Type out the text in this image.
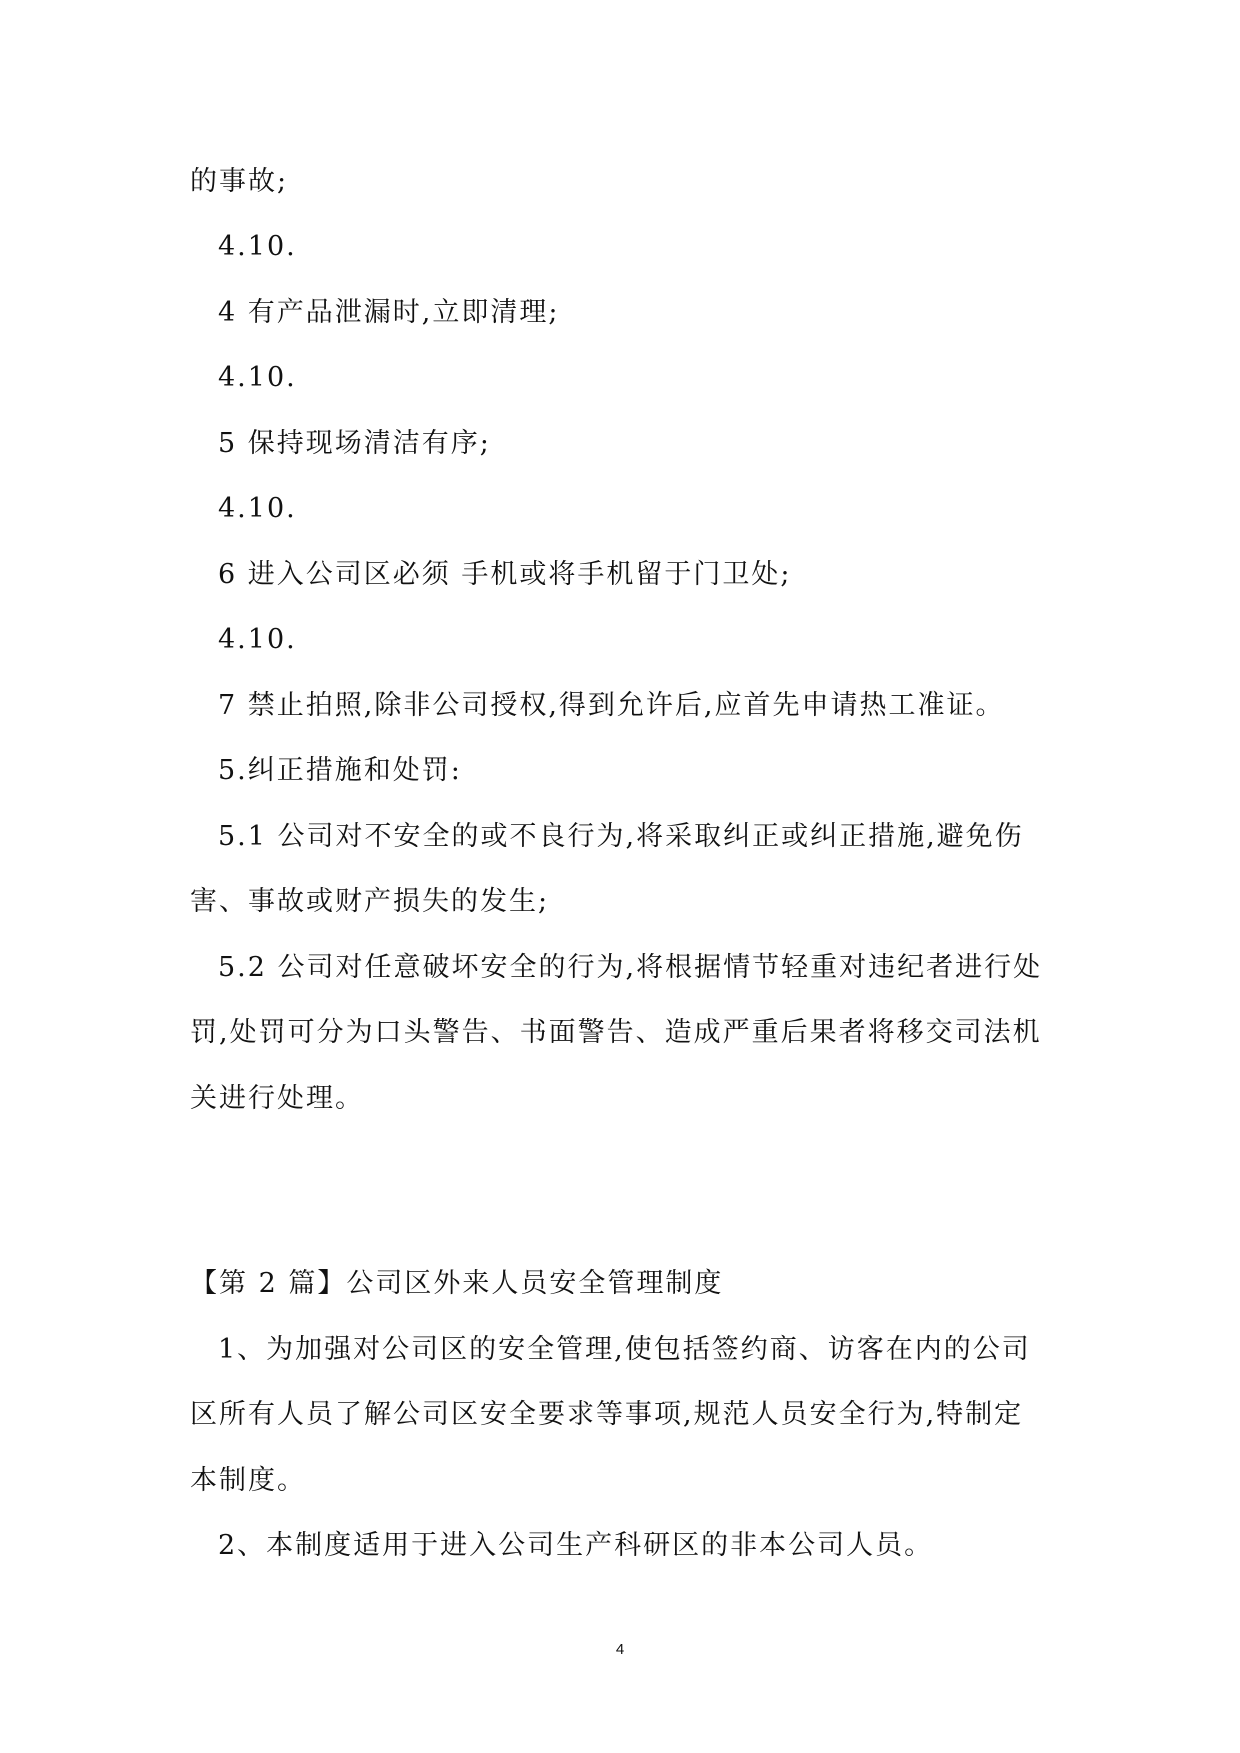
的事故;
4.10.
4 有产品泄漏时,立即清理;
4.10.
5 保持现场清洁有序;
4.10.
6 进入公司区必须 手机或将手机留于门卫处;
4.10.
7 禁止拍照,除非公司授权,得到允许后,应首先申请热工准证。
5.纠正措施和处罚:
5.1 公司对不安全的或不良行为,将采取纠正或纠正措施,避免伤
害、事故或财产损失的发生;
5.2 公司对任意破坏安全的行为,将根据情节轻重对违纪者进行处
罚,处罚可分为口头警告、书面警告、造成严重后果者将移交司法机
关进行处理。
【第 2 篇】公司区外来人员安全管理制度
1、为加强对公司区的安全管理,使包括签约商、访客在内的公司
区所有人员了解公司区安全要求等事项,规范人员安全行为,特制定
本制度。
2、本制度适用于进入公司生产科研区的非本公司人员。
4
